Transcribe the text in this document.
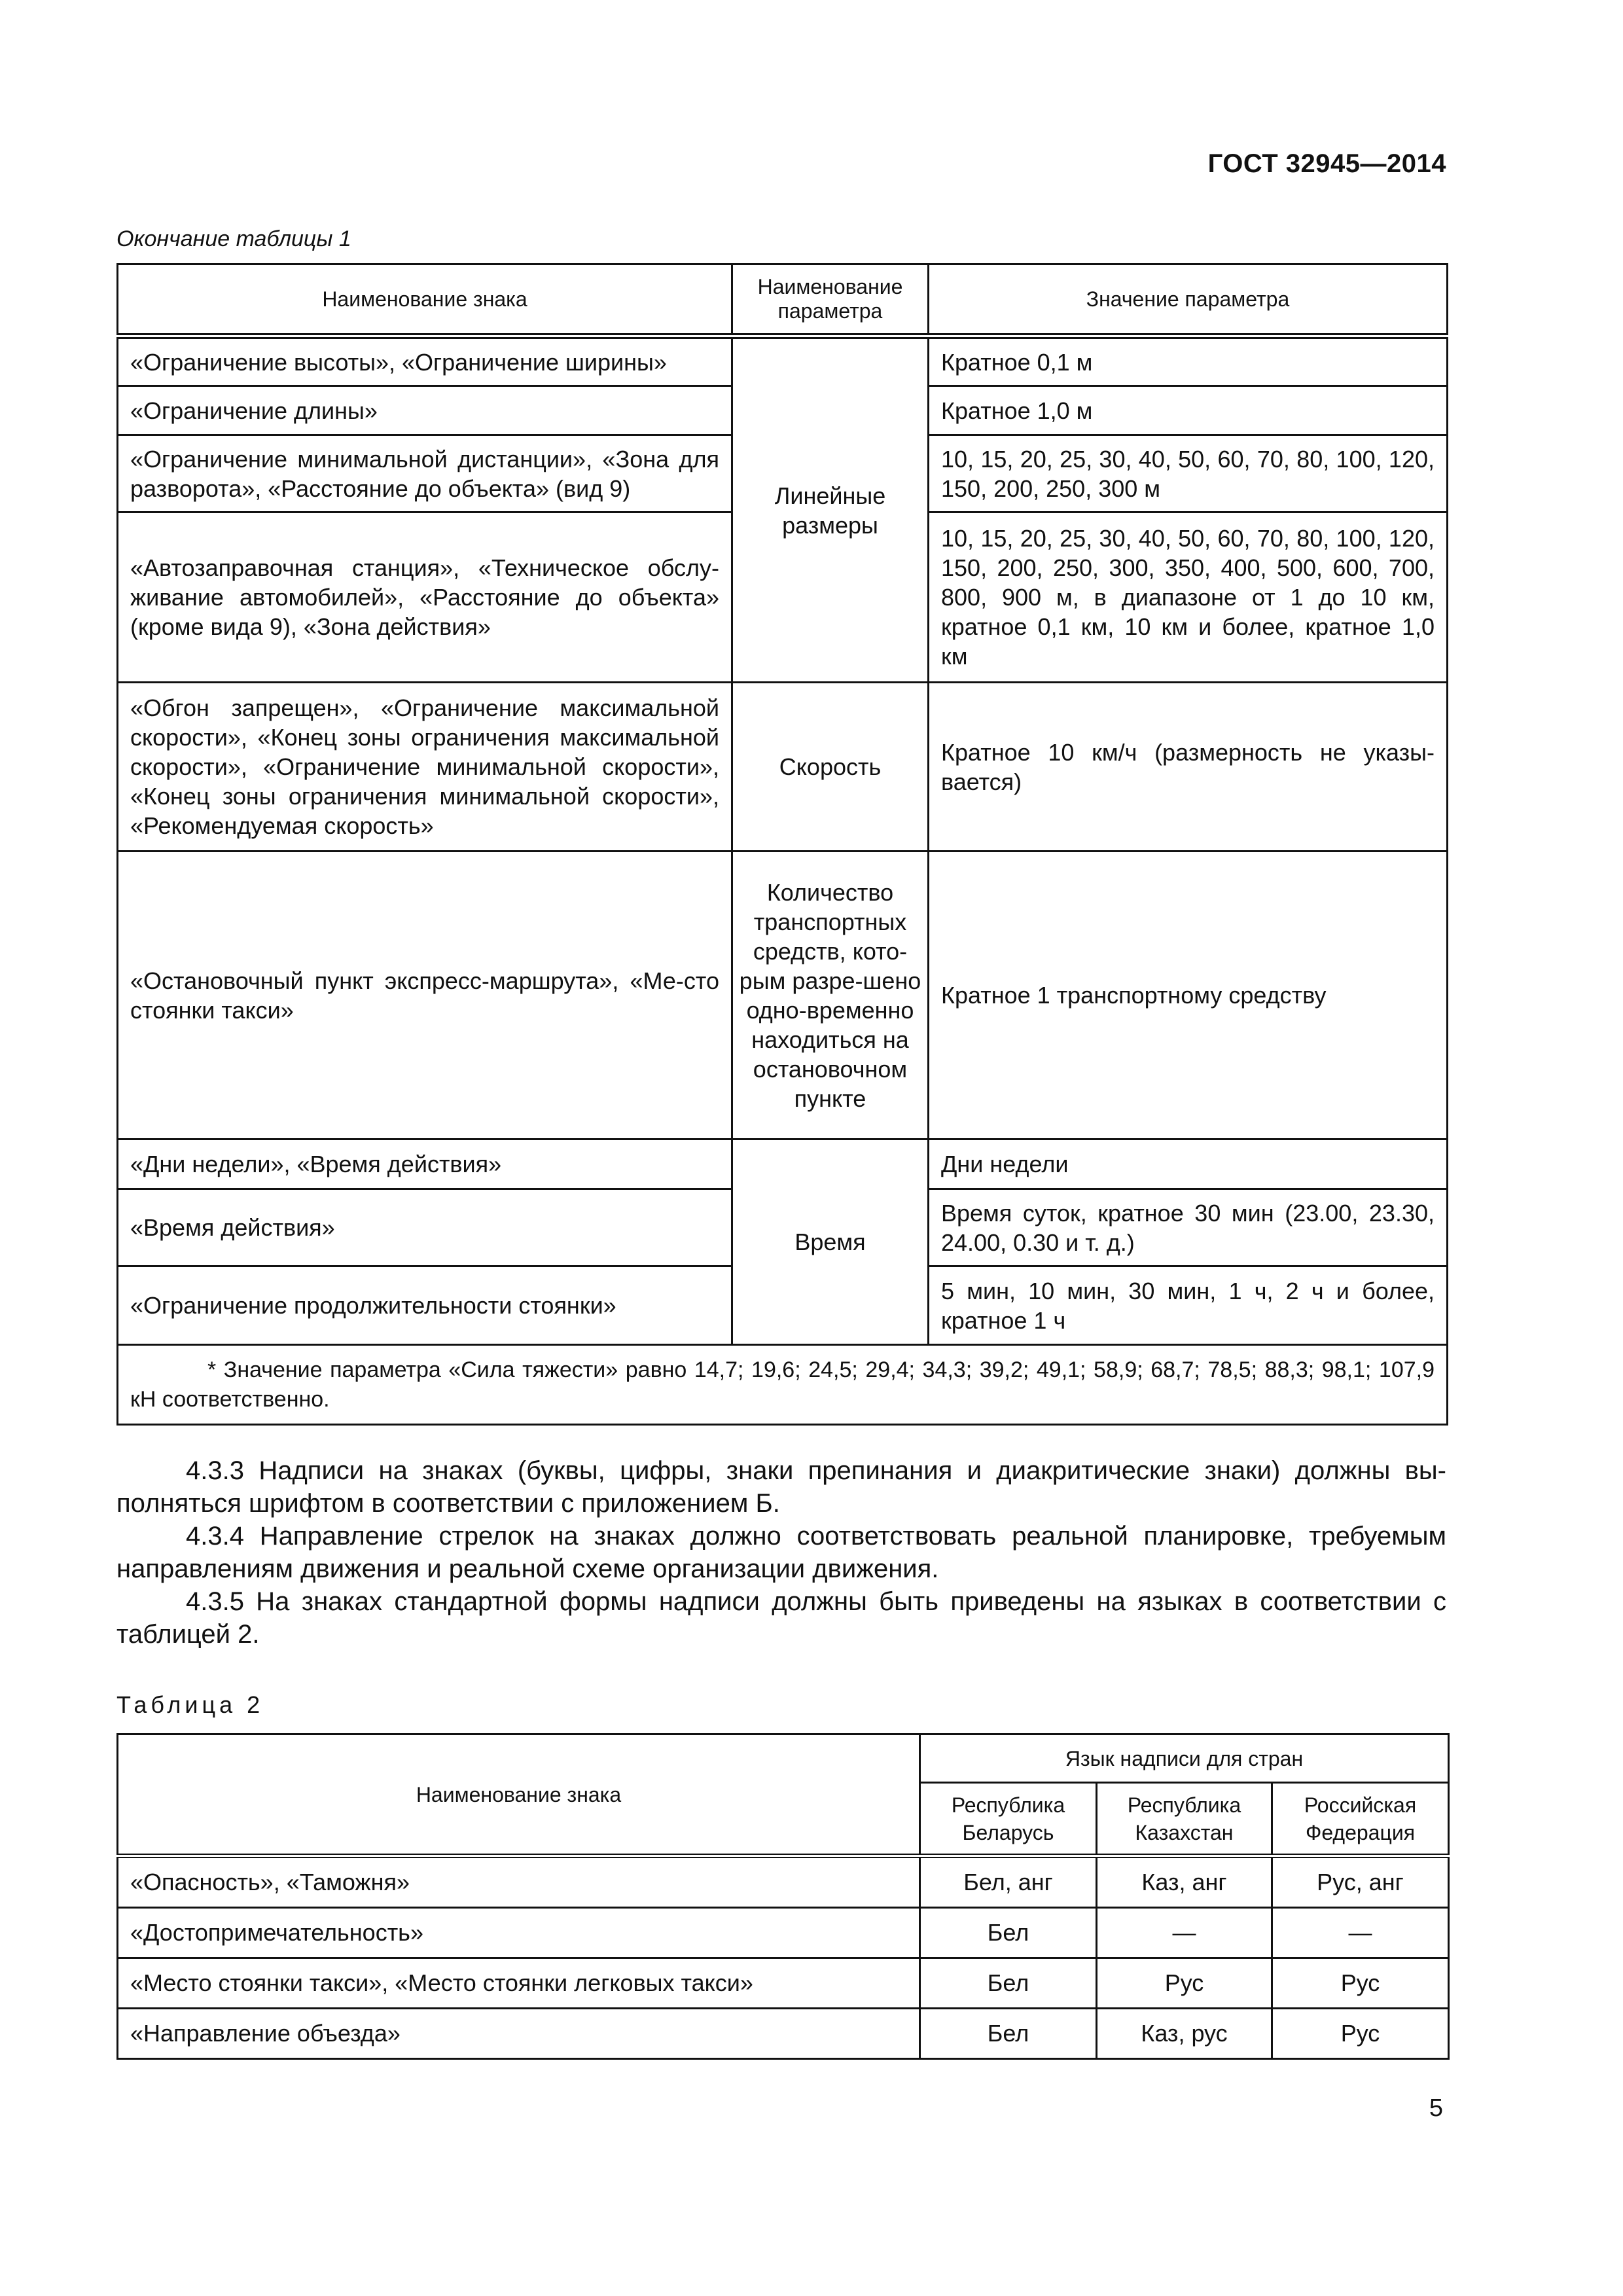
ГОСТ 32945—2014
Окончание таблицы 1
Наименование знака	Наименование параметра	Значение параметра
«Ограничение высоты», «Ограничение ширины»	Линейные размеры	Кратное 0,1 м
«Ограничение длины»		Кратное 1,0 м
«Ограничение минимальной дистанции», «Зона для разворота», «Расстояние до объекта» (вид 9)		10, 15, 20, 25, 30, 40, 50, 60, 70, 80, 100, 120, 150, 200, 250, 300 м
«Автозаправочная станция», «Техническое обслу-живание автомобилей», «Расстояние до объекта» (кроме вида 9), «Зона действия»		10, 15, 20, 25, 30, 40, 50, 60, 70, 80, 100, 120, 150, 200, 250, 300, 350, 400, 500, 600, 700, 800, 900 м, в диапазоне от 1 до 10 км, кратное 0,1 км, 10 км и более, кратное 1,0 км
«Обгон запрещен», «Ограничение максимальной скорости», «Конец зоны ограничения максимальной скорости», «Ограничение минимальной скорости», «Конец зоны ограничения минимальной скорости», «Рекомендуемая скорость»	Скорость	Кратное 10 км/ч (размерность не указы-вается)
«Остановочный пункт экспресс-маршрута», «Ме-сто стоянки такси»	Количество транспортных средств, кото-рым разре-шено одно-временно находиться на остановочном пункте	Кратное 1 транспортному средству
«Дни недели», «Время действия»	Время	Дни недели
«Время действия»		Время суток, кратное 30 мин (23.00, 23.30, 24.00, 0.30 и т. д.)
«Ограничение продолжительности стоянки»		5 мин, 10 мин, 30 мин, 1 ч, 2 ч и более, кратное 1 ч
* Значение параметра «Сила тяжести» равно 14,7; 19,6; 24,5; 29,4; 34,3; 39,2; 49,1; 58,9; 68,7; 78,5; 88,3; 98,1; 107,9 кН соответственно.		

4.3.3 Надписи на знаках (буквы, цифры, знаки препинания и диакритические знаки) должны вы-полняться шрифтом в соответствии с приложением Б.

4.3.4 Направление стрелок на знаках должно соответствовать реальной планировке, требуемым направлениям движения и реальной схеме организации движения.

4.3.5 На знаках стандартной формы надписи должны быть приведены на языках в соответствии с таблицей 2.

Таблица 2
Наименование знака	Язык надписи для стран		
	Республика Беларусь	Республика Казахстан	Российская Федерация
«Опасность», «Таможня»	Бел, анг	Каз, анг	Рус, анг
«Достопримечательность»	Бел	—	—
«Место стоянки такси», «Место стоянки легковых такси»	Бел	Рус	Рус
«Направление объезда»	Бел	Каз, рус	Рус
5
